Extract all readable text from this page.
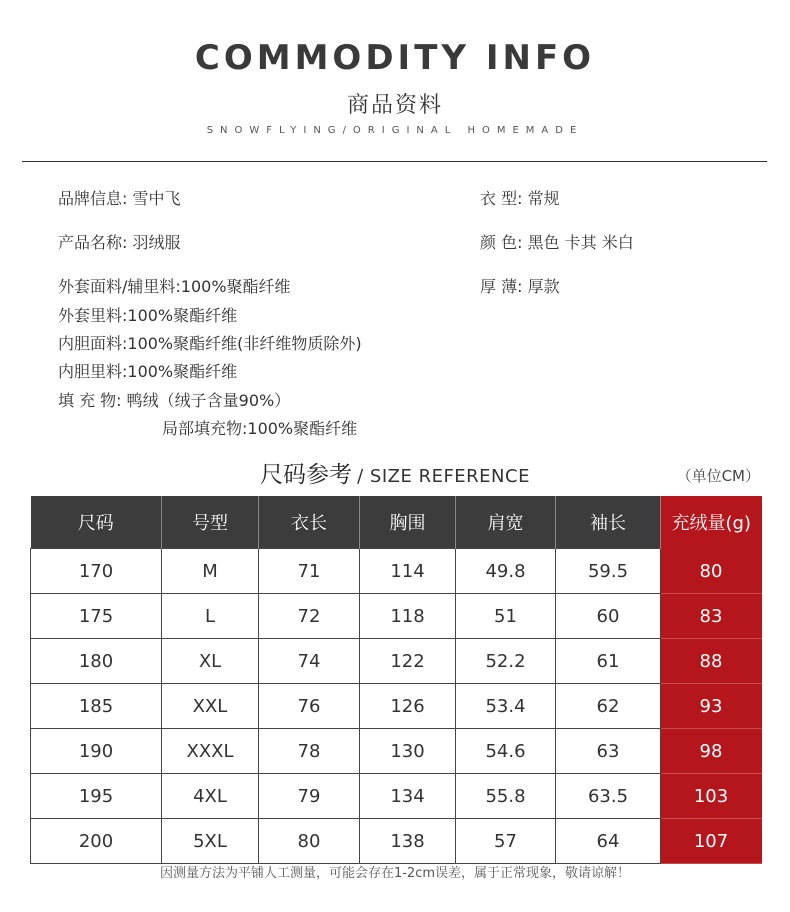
COMMODITY INFO
商品资料
SNOWFLYING/ORIGINAL HOMEMADE
品牌信息: 雪中飞
产品名称: 羽绒服
衣 型: 常规
颜 色: 黑色 卡其 米白
厚 薄: 厚款
外套面料/辅里料:100%聚酯纤维
外套里料:100%聚酯纤维
内胆面料:100%聚酯纤维(非纤维物质除外)
内胆里料:100%聚酯纤维
填 充 物: 鸭绒（绒子含量90%）
局部填充物:100%聚酯纤维
尺码参考 / SIZE REFERENCE	（单位CM）
尺码	号型	衣长	胸围	肩宽	袖长	充绒量(g)
170	M	71	114	49.8	59.5	80
175	L	72	118	51	60	83
180	XL	74	122	52.2	61	88
185	XXL	76	126	53.4	62	93
190	XXXL	78	130	54.6	63	98
195	4XL	79	134	55.8	63.5	103
200	5XL	80	138	57	64	107
因测量方法为平铺人工测量，可能会存在1-2cm误差，属于正常现象，敬请谅解！
